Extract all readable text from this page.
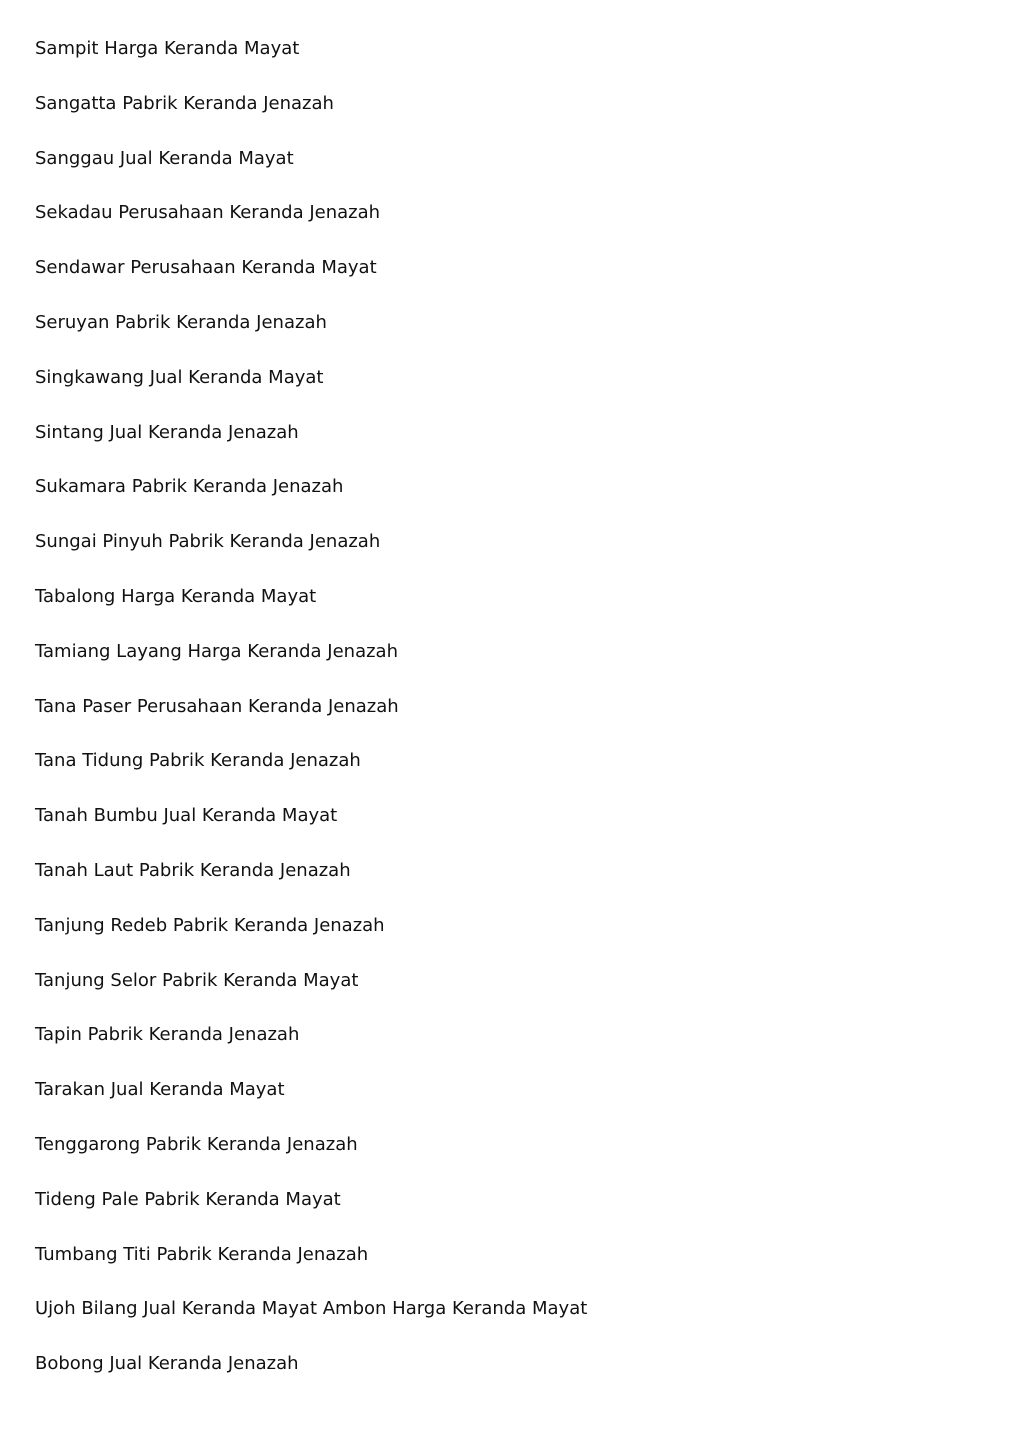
Sampit Harga Keranda Mayat
Sangatta Pabrik Keranda Jenazah
Sanggau Jual Keranda Mayat
Sekadau Perusahaan Keranda Jenazah
Sendawar Perusahaan Keranda Mayat
Seruyan Pabrik Keranda Jenazah
Singkawang Jual Keranda Mayat
Sintang Jual Keranda Jenazah
Sukamara Pabrik Keranda Jenazah
Sungai Pinyuh Pabrik Keranda Jenazah
Tabalong Harga Keranda Mayat
Tamiang Layang Harga Keranda Jenazah
Tana Paser Perusahaan Keranda Jenazah
Tana Tidung Pabrik Keranda Jenazah
Tanah Bumbu Jual Keranda Mayat
Tanah Laut Pabrik Keranda Jenazah
Tanjung Redeb Pabrik Keranda Jenazah
Tanjung Selor Pabrik Keranda Mayat
Tapin Pabrik Keranda Jenazah
Tarakan Jual Keranda Mayat
Tenggarong Pabrik Keranda Jenazah
Tideng Pale Pabrik Keranda Mayat
Tumbang Titi Pabrik Keranda Jenazah
Ujoh Bilang Jual Keranda Mayat Ambon Harga Keranda Mayat
Bobong Jual Keranda Jenazah
